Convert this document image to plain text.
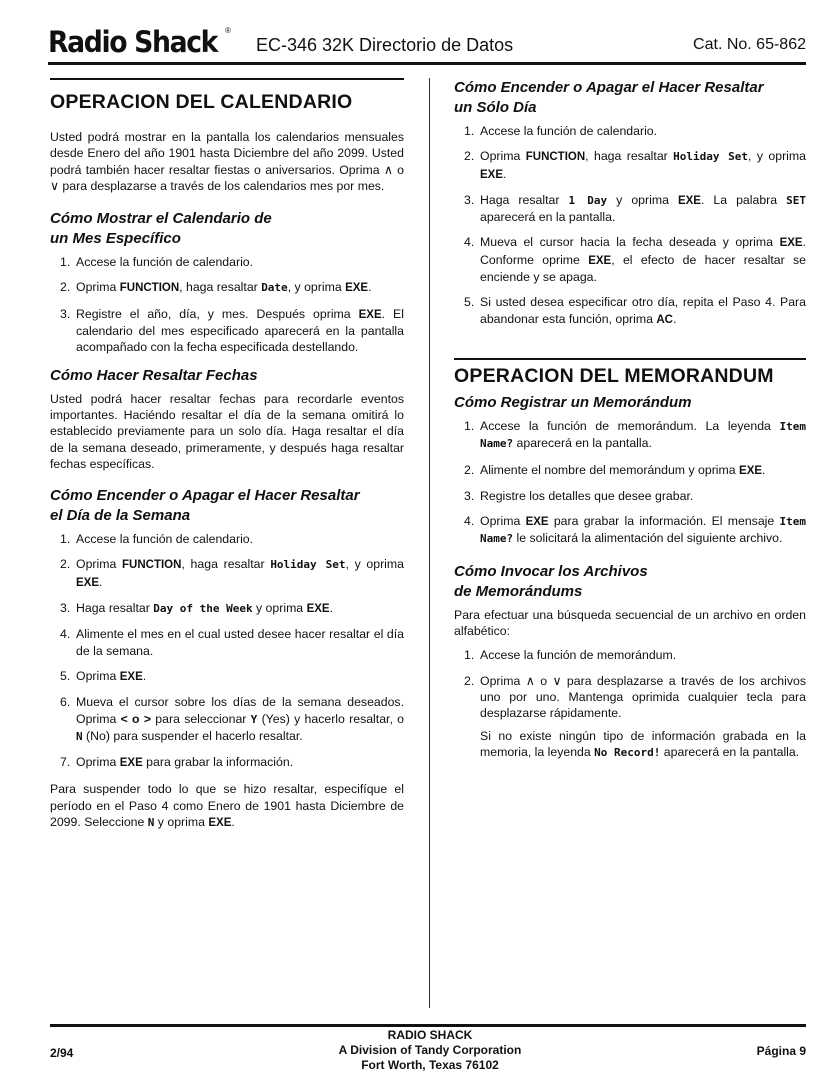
Radio Shack ®
EC-346 32K Directorio de Datos	Cat. No. 65-862
OPERACION DEL CALENDARIO

Usted podrá mostrar en la pantalla los calendarios mensuales desde Enero del año 1901 hasta Diciembre del año 2099. Usted podrá también hacer resaltar fiestas o aniversarios. Oprima ∧ o ∨ para desplazarse a través de los calendarios mes por mes.

Cómo Mostrar el Calendario de
un Mes Específico
1. Accese la función de calendario.

2. Oprima FUNCTION, haga resaltar Date, y oprima EXE.

3. Registre el año, día, y mes. Después oprima EXE. El calendario del mes especificado aparecerá en la pantalla acompañado con la fecha especificada destellando.

Cómo Hacer Resaltar Fechas

Usted podrá hacer resaltar fechas para recordarle eventos importantes. Haciéndo resaltar el día de la semana omitirá lo establecido previamente para un solo día. Haga resaltar el día de la semana deseado, primeramente, y después haga resaltar fechas específicas.

Cómo Encender o Apagar el Hacer Resaltar
el Día de la Semana
1. Accese la función de calendario.

2. Oprima FUNCTION, haga resaltar Holiday Set, y oprima EXE.

3. Haga resaltar Day of the Week y oprima EXE.

4. Alimente el mes en el cual usted desee hacer resaltar el día de la semana.

5. Oprima EXE.

6. Mueva el cursor sobre los días de la semana deseados. Oprima < o > para seleccionar Y (Yes) y hacerlo resaltar, o N (No) para suspender el hacerlo resaltar.

7. Oprima EXE para grabar la información.

Para suspender todo lo que se hizo resaltar, especifíque el período en el Paso 4 como Enero de 1901 hasta Diciembre de 2099. Seleccione N y oprima EXE.

Cómo Encender o Apagar el Hacer Resaltar
un Sólo Día
1. Accese la función de calendario.

2. Oprima FUNCTION, haga resaltar Holiday Set, y oprima EXE.

3. Haga resaltar 1 Day y oprima EXE. La palabra SET aparecerá en la pantalla.

4. Mueva el cursor hacia la fecha deseada y oprima EXE. Conforme oprime EXE, el efecto de hacer resaltar se enciende y se apaga.

5. Si usted desea especificar otro día, repita el Paso 4. Para abandonar esta función, oprima AC.

OPERACION DEL MEMORANDUM
Cómo Registrar un Memorándum
1. Accese la función de memorándum. La leyenda Item Name? aparecerá en la pantalla.

2. Alimente el nombre del memorándum y oprima EXE.

3. Registre los detalles que desee grabar.

4. Oprima EXE para grabar la información. El mensaje Item Name? le solicitará la alimentación del siguiente archivo.

Cómo Invocar los Archivos
de Memorándums

Para efectuar una búsqueda secuencial de un archivo en orden alfabético:

1. Accese la función de memorándum.

2. Oprima ∧ o ∨ para desplazarse a través de los archivos uno por uno. Mantenga oprimida cualquier tecla para desplazarse rápidamente.

Si no existe ningún tipo de información grabada en la memoria, la leyenda No Record! aparecerá en la pantalla.

2/94
RADIO SHACK
A Division of Tandy Corporation
Fort Worth, Texas 76102
Página 9
